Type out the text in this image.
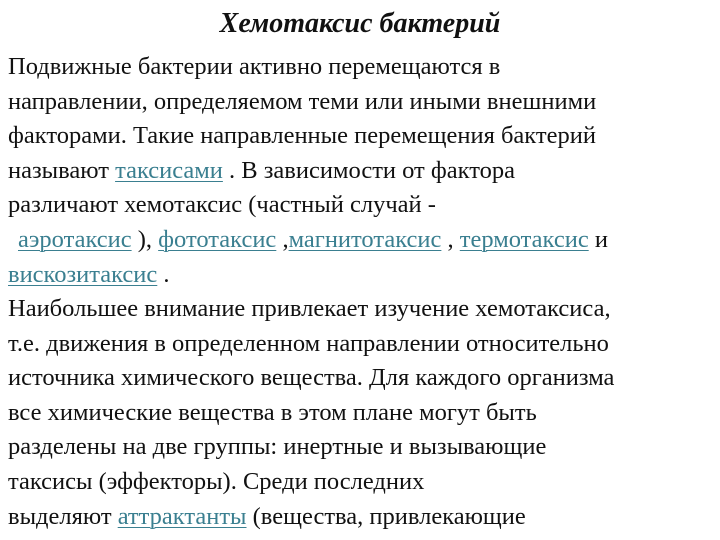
Хемотаксис бактерий
Подвижные бактерии активно перемещаются в
направлении, определяемом теми или иными внешними
факторами. Такие направленные перемещения бактерий
называют таксисами . В зависимости от фактора
различают хемотаксис (частный случай -
аэротаксис ), фототаксис ,магнитотаксис , термотаксис и
вискозитаксис .
Наибольшее внимание привлекает изучение хемотаксиса,
т.е. движения в определенном направлении относительно
источника химического вещества. Для каждого организма
все химические вещества в этом плане могут быть
разделены на две группы: инертные и вызывающие
таксисы (эффекторы). Среди последних
выделяют аттрактанты (вещества, привлекающие
